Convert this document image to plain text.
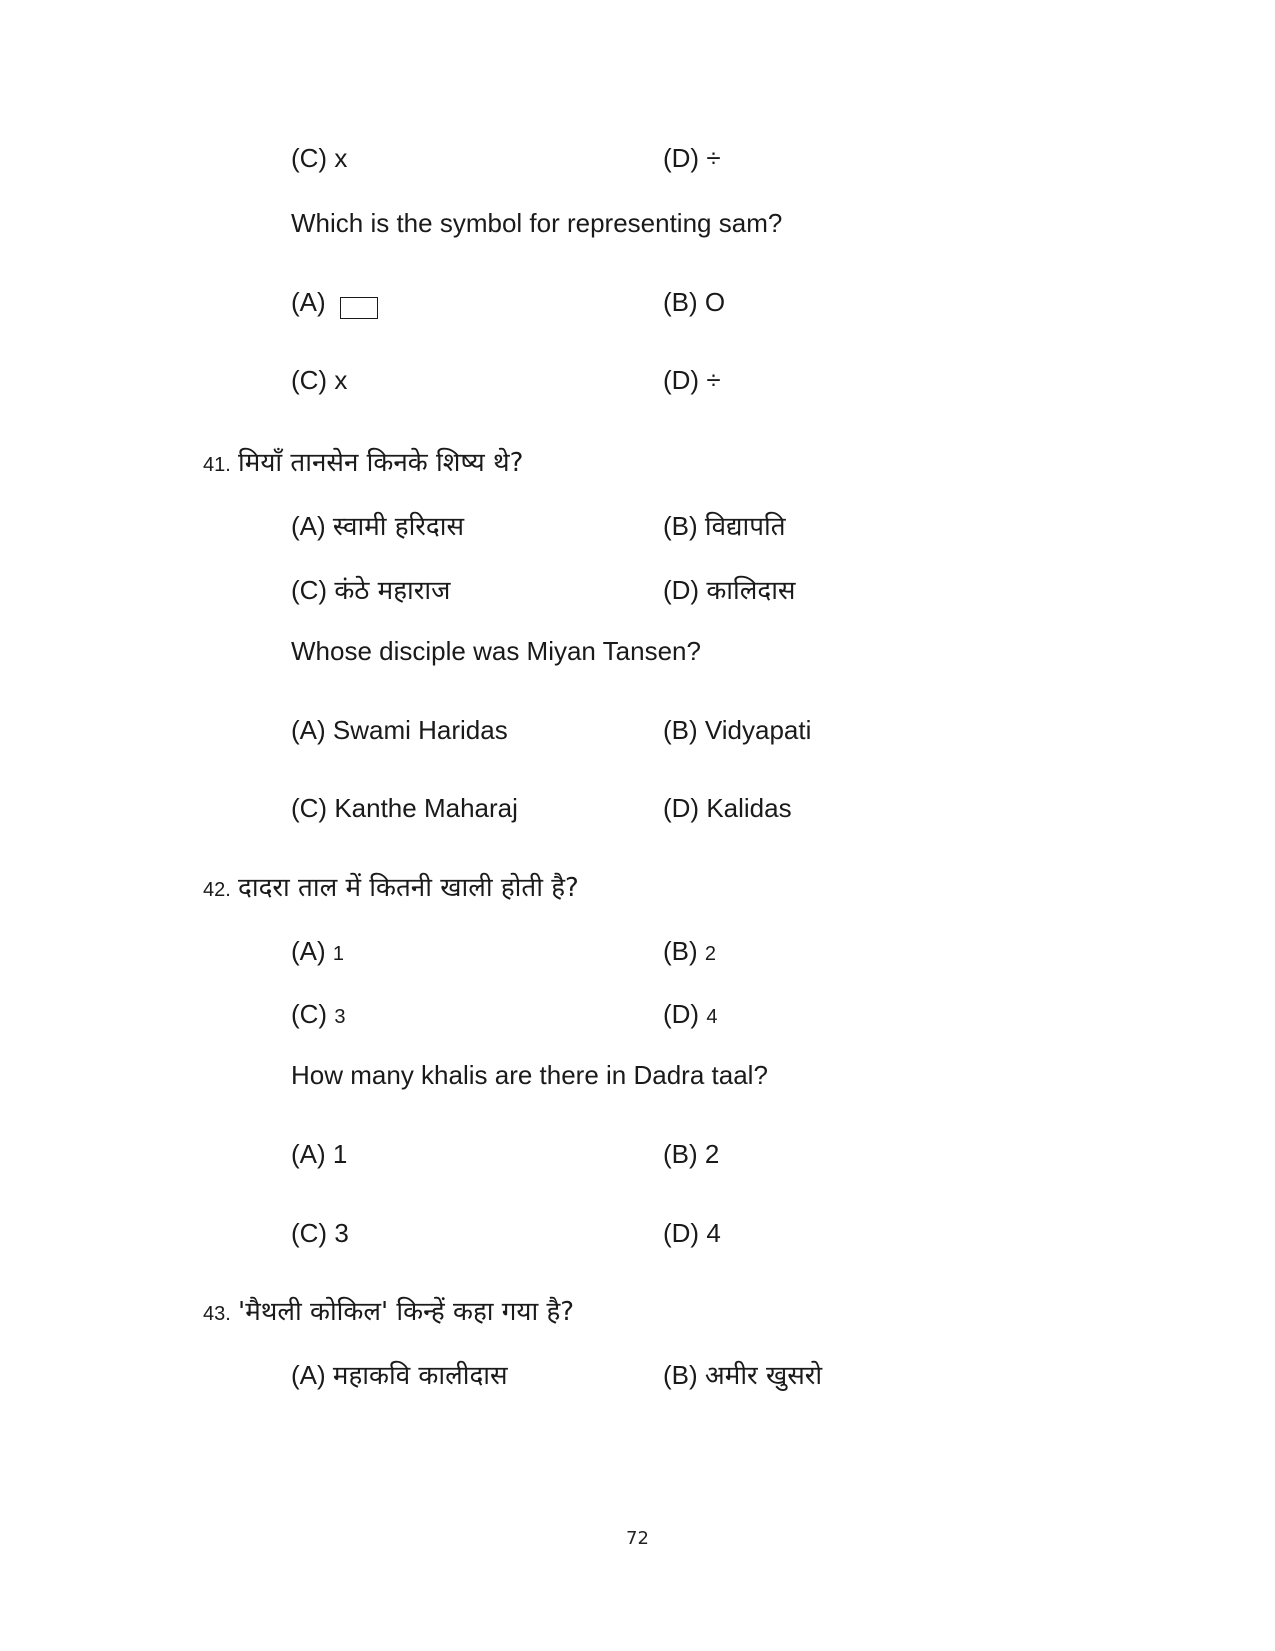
(C) x	(D) ÷
Which is the symbol for representing sam?
(A)	(B) O
(C) x	(D) ÷
41. मियाँ तानसेन किनके शिष्य थे?
(A) स्वामी हरिदास	(B) विद्यापति
(C) कंठे महाराज	(D) कालिदास
Whose disciple was Miyan Tansen?
(A) Swami Haridas	(B) Vidyapati
(C) Kanthe Maharaj	(D) Kalidas
42. दादरा ताल में कितनी खाली होती है?
(A) 1	(B) 2
(C) 3	(D) 4
How many khalis are there in Dadra taal?
(A) 1	(B) 2
(C) 3	(D) 4
43. 'मैथली कोकिल' किन्हें कहा गया है?
(A) महाकवि कालीदास	(B) अमीर खुसरो
72
